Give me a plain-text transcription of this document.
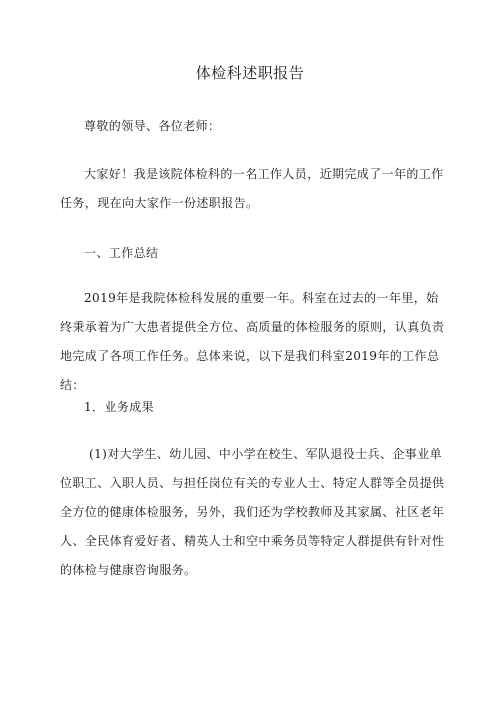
体检科述职报告
尊敬的领导、各位老师：
大家好！我是该院体检科的一名工作人员，近期完成了一年的工作任务，现在向大家作一份述职报告。
一、工作总结
2019年是我院体检科发展的重要一年。科室在过去的一年里，始终秉承着为广大患者提供全方位、高质量的体检服务的原则，认真负责地完成了各项工作任务。总体来说，以下是我们科室2019年的工作总结：
1．业务成果
(1)对大学生、幼儿园、中小学在校生、军队退役士兵、企事业单位职工、入职人员、与担任岗位有关的专业人士、特定人群等全员提供全方位的健康体检服务，另外，我们还为学校教师及其家属、社区老年人、全民体育爱好者、精英人士和空中乘务员等特定人群提供有针对性的体检与健康咨询服务。
